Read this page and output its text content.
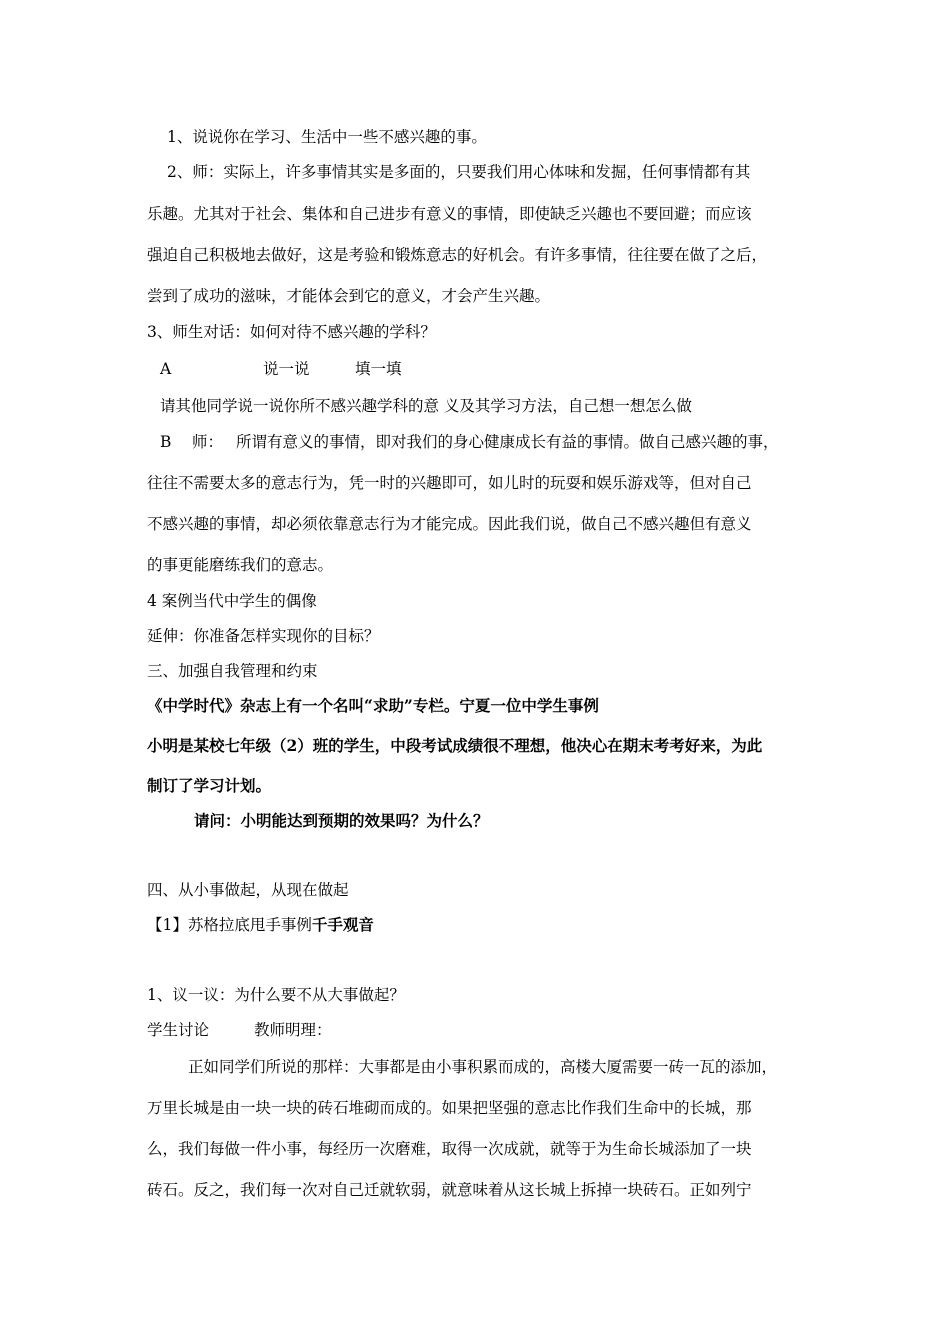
1、说说你在学习、生活中一些不感兴趣的事。
2、师：实际上，许多事情其实是多面的，只要我们用心体味和发掘，任何事情都有其
乐趣。尤其对于社会、集体和自己进步有意义的事情，即使缺乏兴趣也不要回避；而应该
强迫自己积极地去做好，这是考验和锻炼意志的好机会。有许多事情，往往要在做了之后，
尝到了成功的滋味，才能体会到它的意义，才会产生兴趣。
3、师生对话：如何对待不感兴趣的学科？
A	说一说	填一填
请其他同学说一说你所不感兴趣学科的意 义及其学习方法，自己想一想怎么做
B 师： 所谓有意义的事情，即对我们的身心健康成长有益的事情。做自己感兴趣的事，
往往不需要太多的意志行为，凭一时的兴趣即可，如儿时的玩耍和娱乐游戏等，但对自己
不感兴趣的事情，却必须依靠意志行为才能完成。因此我们说，做自己不感兴趣但有意义
的事更能磨练我们的意志。
4 案例当代中学生的偶像
延伸：你准备怎样实现你的目标？
三、加强自我管理和约束
《中学时代》杂志上有一个名叫“求助”专栏。宁夏一位中学生事例
小明是某校七年级（2）班的学生，中段考试成绩很不理想，他决心在期末考考好来，为此
制订了学习计划。
请问：小明能达到预期的效果吗？为什么？
四、从小事做起，从现在做起
【1】苏格拉底甩手事例千手观音
1、议一议：为什么要不从大事做起？
学生讨论	教师明理：
正如同学们所说的那样：大事都是由小事积累而成的，高楼大厦需要一砖一瓦的添加，
万里长城是由一块一块的砖石堆砌而成的。如果把坚强的意志比作我们生命中的长城，那
么，我们每做一件小事，每经历一次磨难，取得一次成就，就等于为生命长城添加了一块
砖石。反之，我们每一次对自己迁就软弱，就意味着从这长城上拆掉一块砖石。正如列宁
